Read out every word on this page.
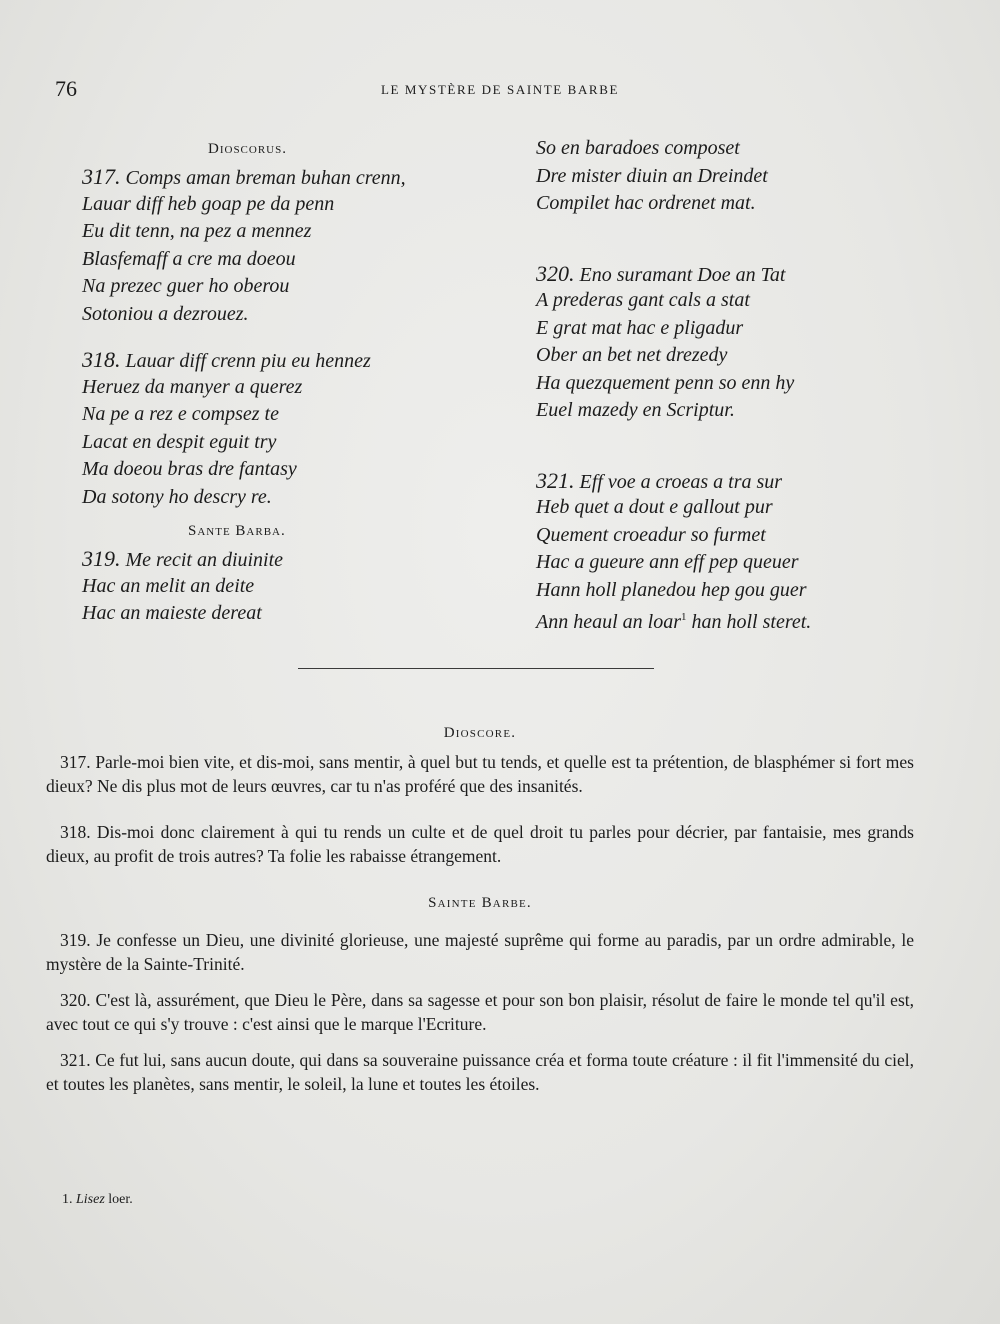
76	LE MYSTÈRE DE SAINTE BARBE
Dioscorus.
317. Comps aman breman buhan crenn,
Lauar diff heb goap pe da penn
Eu dit tenn, na pez a mennez
Blasfemaff a cre ma doeou
Na prezec guer ho oberou
Sotoniou a dezrouez.
318. Lauar diff crenn piu eu hennez
Heruez da manyer a querez
Na pe a rez e compsez te
Lacat en despit eguit try
Ma doeou bras dre fantasy
Da sotony ho descry re.
Sante Barba.
319. Me recit an diuinite
Hac an melit an deite
Hac an maieste dereat
So en baradoes composet
Dre mister diuin an Dreindet
Compilet hac ordrenet mat.
320. Eno suramant Doe an Tat
A prederas gant cals a stat
E grat mat hac e pligadur
Ober an bet net drezedy
Ha quezquement penn so enn hy
Euel mazedy en Scriptur.
321. Eff voe a croeas a tra sur
Heb quet a dout e gallout pur
Quement croeadur so furmet
Hac a gueure ann eff pep queuer
Hann holl planedou hep gou guer
Ann heaul an loar$^1$ han holl steret.
Dioscore.

317. Parle-moi bien vite, et dis-moi, sans mentir, à quel but tu tends, et quelle est ta prétention, de blasphémer si fort mes dieux? Ne dis plus mot de leurs œuvres, car tu n'as proféré que des insanités.

318. Dis-moi donc clairement à qui tu rends un culte et de quel droit tu parles pour décrier, par fantaisie, mes grands dieux, au profit de trois autres? Ta folie les rabaisse étrangement.

Sainte Barbe.

319. Je confesse un Dieu, une divinité glorieuse, une majesté suprême qui forme au paradis, par un ordre admirable, le mystère de la Sainte-Trinité.

320. C'est là, assurément, que Dieu le Père, dans sa sagesse et pour son bon plaisir, résolut de faire le monde tel qu'il est, avec tout ce qui s'y trouve : c'est ainsi que le marque l'Ecriture.

321. Ce fut lui, sans aucun doute, qui dans sa souveraine puissance créa et forma toute créature : il fit l'immensité du ciel, et toutes les planètes, sans mentir, le soleil, la lune et toutes les étoiles.

1. Lisez loer.
